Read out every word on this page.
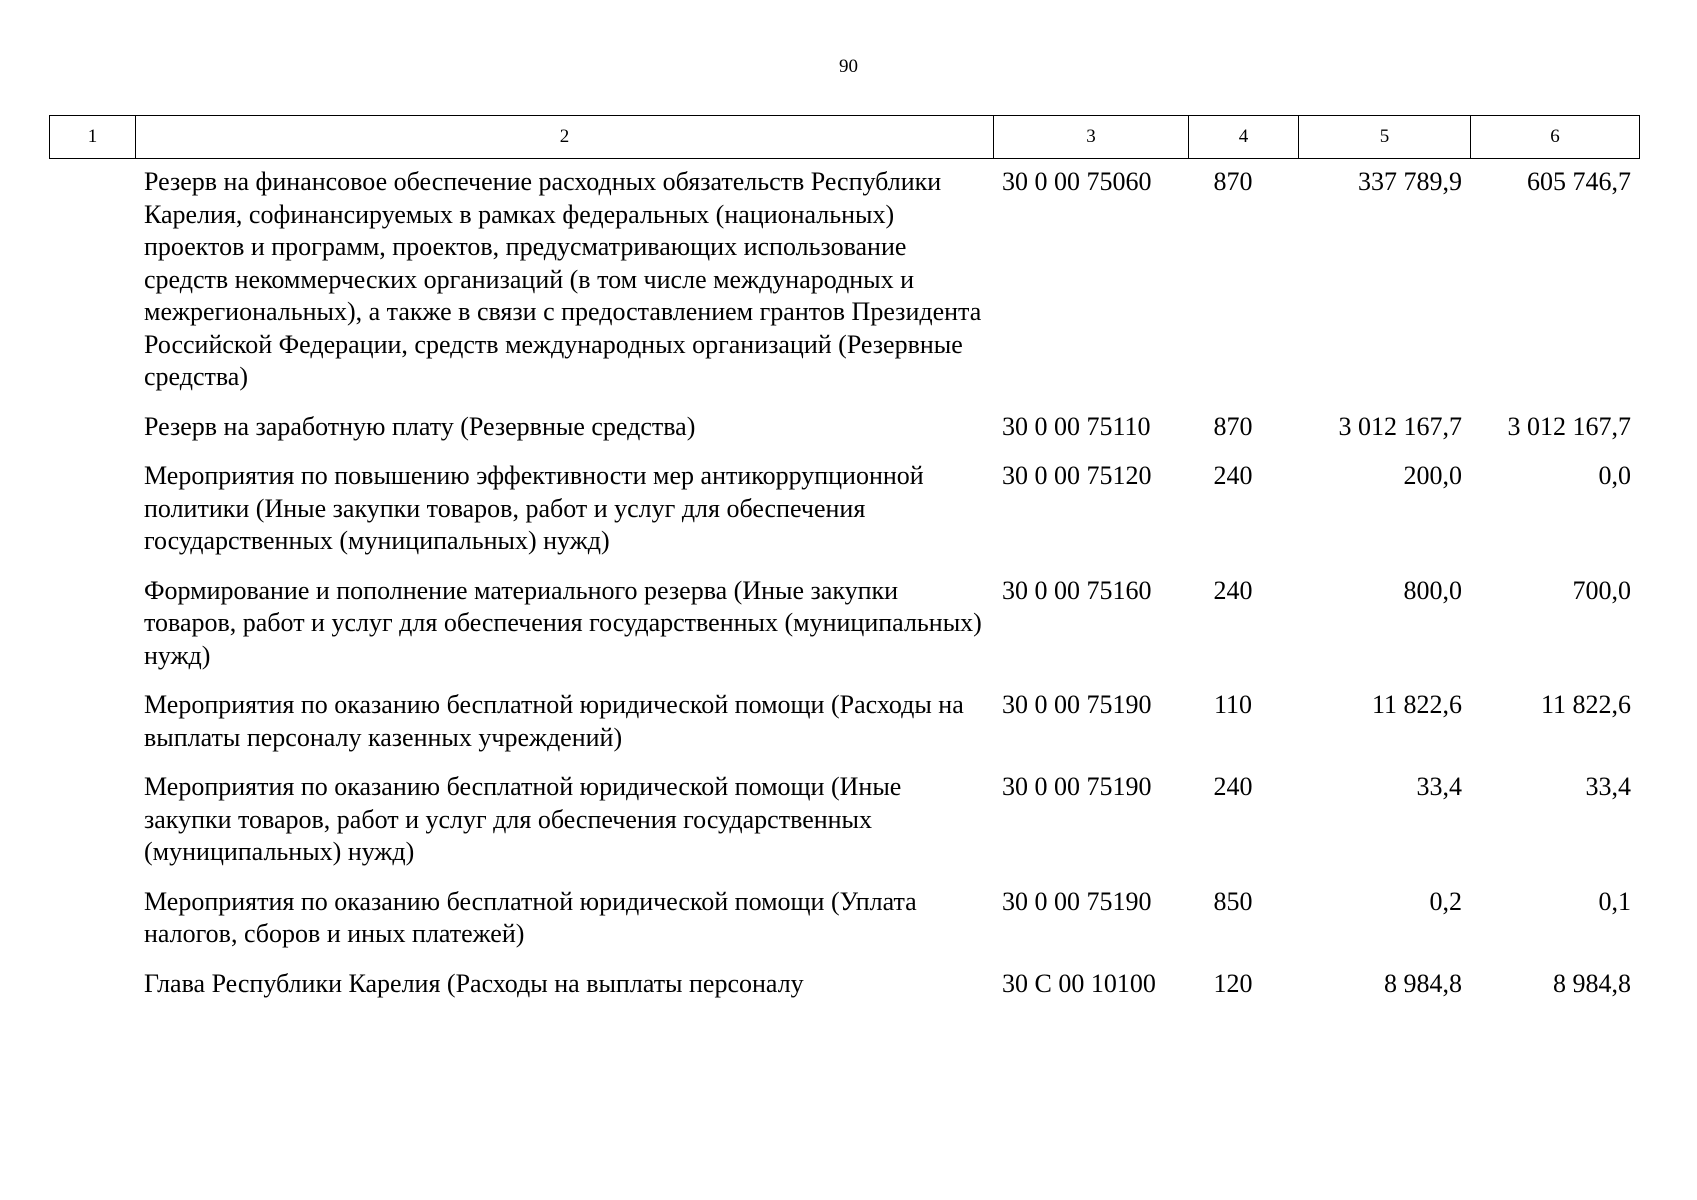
90
1	2	3	4	5	6
	Резерв на финансовое обеспечение расходных обязательств Республики Карелия, софинансируемых в рамках федеральных (национальных) проектов и программ, проектов, предусматривающих использование средств некоммерческих организаций (в том числе международных и межрегиональных), а также в связи с предоставлением грантов Президента Российской Федерации, средств международных организаций (Резервные средства)	30 0 00 75060	870	337 789,9	605 746,7
	Резерв на заработную плату (Резервные средства)	30 0 00 75110	870	3 012 167,7	3 012 167,7
	Мероприятия по повышению эффективности мер антикоррупционной политики (Иные закупки товаров, работ и услуг для обеспечения государственных (муниципальных) нужд)	30 0 00 75120	240	200,0	0,0
	Формирование и пополнение материального резерва (Иные закупки товаров, работ и услуг для обеспечения государственных (муниципальных) нужд)	30 0 00 75160	240	800,0	700,0
	Мероприятия по оказанию бесплатной юридической помощи (Расходы на выплаты персоналу казенных учреждений)	30 0 00 75190	110	11 822,6	11 822,6
	Мероприятия по оказанию бесплатной юридической помощи (Иные закупки товаров, работ и услуг для обеспечения государственных (муниципальных) нужд)	30 0 00 75190	240	33,4	33,4
	Мероприятия по оказанию бесплатной юридической помощи (Уплата налогов, сборов и иных платежей)	30 0 00 75190	850	0,2	0,1
	Глава Республики Карелия (Расходы на выплаты персоналу	30 С 00 10100	120	8 984,8	8 984,8
